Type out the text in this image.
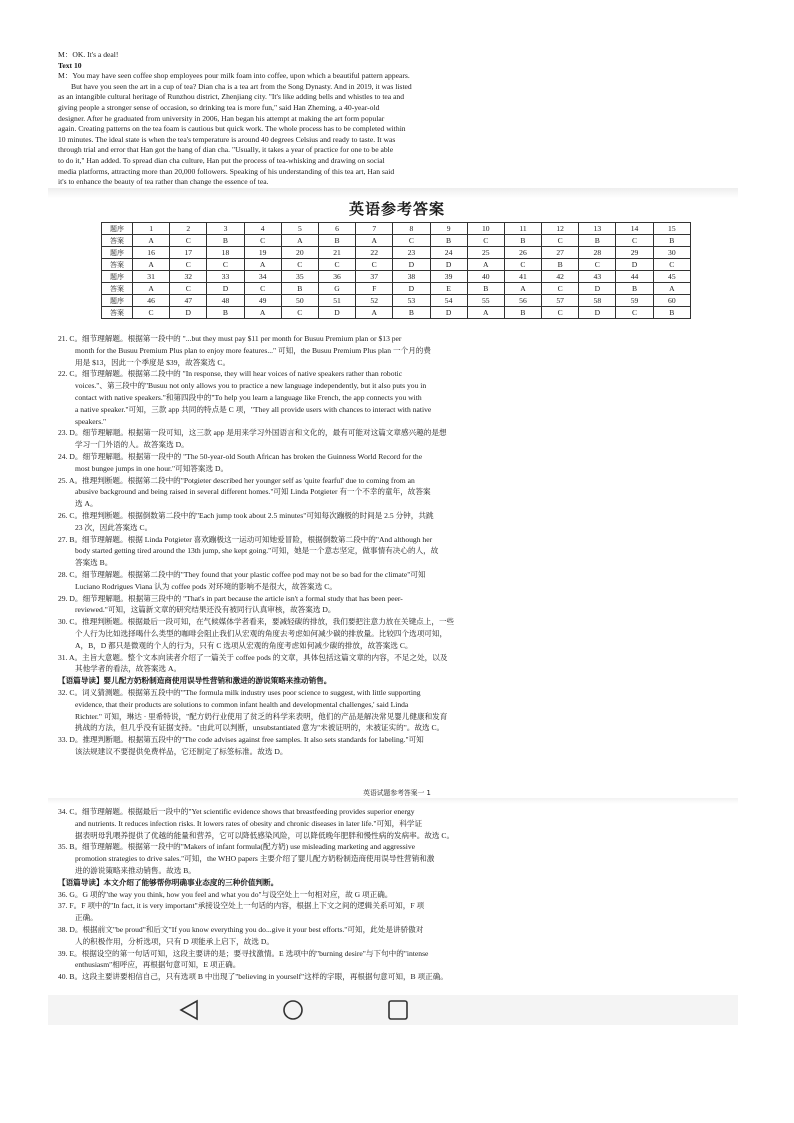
M：OK. It's a deal!
Text 10
M：You may have seen coffee shop employees pour milk foam into coffee, upon which a beautiful pattern appears.
But have you seen the art in a cup of tea? Dian cha is a tea art from the Song Dynasty. And in 2019, it was listed
as an intangible cultural heritage of Runzhou district, Zhenjiang city. "It's like adding bells and whistles to tea and
giving people a stronger sense of occasion, so drinking tea is more fun," said Han Zheming, a 40-year-old
designer. After he graduated from university in 2006, Han began his attempt at making the art form popular
again. Creating patterns on the tea foam is cautious but quick work. The whole process has to be completed within
10 minutes. The ideal state is when the tea's temperature is around 40 degrees Celsius and ready to taste. It was
through trial and error that Han got the hang of dian cha. "Usually, it takes a year of practice for one to be able
to do it," Han added. To spread dian cha culture, Han put the process of tea-whisking and drawing on social
media platforms, attracting more than 20,000 followers. Speaking of his understanding of this tea art, Han said
it's to enhance the beauty of tea rather than change the essence of tea.
英语参考答案
题序	1	2	3	4	5	6	7	8	9	10	11	12	13	14	15
答案	A	C	B	C	A	B	A	C	B	C	B	C	B	C	B
题序	16	17	18	19	20	21	22	23	24	25	26	27	28	29	30
答案	A	C	C	A	C	C	C	D	D	A	C	B	C	D	C
题序	31	32	33	34	35	36	37	38	39	40	41	42	43	44	45
答案	A	C	D	C	B	G	F	D	E	B	A	C	D	B	A
题序	46	47	48	49	50	51	52	53	54	55	56	57	58	59	60
答案	C	D	B	A	C	D	A	B	D	A	B	C	D	C	B
21. C。细节理解题。根据第一段中的 "...but they must pay $11 per month for Busuu Premium plan or $13 per
month for the Busuu Premium Plus plan to enjoy more features..." 可知，the Busuu Premium Plus plan 一个月的费
用是 $13，因此一个季度是 $39，故答案选 C。
22. C。细节理解题。根据第二段中的 "In response, they will hear voices of native speakers rather than robotic
voices."、第三段中的"Busuu not only allows you to practice a new language independently, but it also puts you in
contact with native speakers."和第四段中的"To help you learn a language like French, the app connects you with
a native speaker."可知，三款 app 共同的特点是 C 项，"They all provide users with chances to interact with native
speakers."
23. D。细节理解题。根据第一段可知，这三款 app 是用来学习外国语言和文化的，最有可能对这篇文章感兴趣的是想
学习一门外语的人。故答案选 D。
24. D。细节理解题。根据第一段中的 "The 50-year-old South African has broken the Guinness World Record for the
most bungee jumps in one hour."可知答案选 D。
25. A。推理判断题。根据第二段中的"Potgieter described her younger self as 'quite fearful' due to coming from an
abusive background and being raised in several different homes."可知 Linda Potgieter 有一个不幸的童年，故答案
选 A。
26. C。推理判断题。根据倒数第二段中的"Each jump took about 2.5 minutes"可知每次蹦极的时间是 2.5 分钟，共跳
23 次，因此答案选 C。
27. B。细节理解题。根据 Linda Potgieter 喜欢蹦极这一运动可知她爱冒险，根据倒数第二段中的"And although her
body started getting tired around the 13th jump, she kept going."可知，她是一个意志坚定，做事情有决心的人，故
答案选 B。
28. C。细节理解题。根据第二段中的"They found that your plastic coffee pod may not be so bad for the climate"可知
Luciano Rodrigues Viana 认为 coffee pods 对环境的影响不是很大，故答案选 C。
29. D。细节理解题。根据第三段中的 "That's in part because the article isn't a formal study that has been peer-
reviewed."可知，这篇新文章的研究结果还没有被同行认真审核，故答案选 D。
30. C。推理判断题。根据最后一段可知，在气候媒体学者看来，要减轻碳的排放，我们要把注意力放在关键点上，一些
个人行为比如选择喝什么类型的咖啡会阻止我们从宏观的角度去考虑如何减少碳的排放量。比较四个选项可知，
A，B，D 都只是微观的个人的行为，只有 C 选项从宏观的角度考虑如何减少碳的排放，故答案选 C。
31. A。主旨大意题。整个文本向读者介绍了一篇关于 coffee pods 的文章，具体包括这篇文章的内容，不足之处，以及
其他学者的看法，故答案选 A。
【语篇导读】婴儿配方奶粉制造商使用误导性营销和激进的游说策略来推动销售。
32. C。词义猜测题。根据第五段中的"'The formula milk industry uses poor science to suggest, with little supporting
evidence, that their products are solutions to common infant health and developmental challenges,' said Linda
Richter." 可知，琳达 · 里希特说，"配方奶行业使用了贫乏的科学来表明，他们的产品是解决常见婴儿健康和发育
挑战的方法，但几乎没有证据支持。"由此可以判断，unsubstantiated 意为"未被证明的，未被证实的"。故选 C。
33. D。推理判断题。根据第五段中的"The code advises against free samples. It also sets standards for labeling."可知
该法规建议不要提供免费样品，它还制定了标签标准。故选 D。
英语试题参考答案一 1
34. C。细节理解题。根据最后一段中的"Yet scientific evidence shows that breastfeeding provides superior energy
and nutrients. It reduces infection risks. It lowers rates of obesity and chronic diseases in later life."可知，科学证
据表明母乳喂养提供了优越的能量和营养，它可以降低感染风险，可以降低晚年肥胖和慢性病的发病率。故选 C。
35. B。细节理解题。根据第一段中的"Makers of infant formula(配方奶) use misleading marketing and aggressive
promotion strategies to drive sales."可知，the WHO papers 主要介绍了婴儿配方奶粉制造商使用误导性营销和激
进的游说策略来推动销售。故选 B。
【语篇导读】本文介绍了能够帮你明确事业态度的三种价值判断。
36. G。G 项的"the way you think, how you feel and what you do"与设空处上一句相对应，故 G 项正确。
37. F。F 项中的"In fact, it is very important"承接设空处上一句话的内容，根据上下文之间的逻辑关系可知，F 项
正确。
38. D。根据前文"be proud"和后文"If you know everything you do...give it your best efforts."可知，此处是讲骄傲对
人的积极作用，分析选项，只有 D 项能承上启下，故选 D。
39. E。根据设空的第一句话可知，这段主要讲的是；要寻找激情。E 选项中的"burning desire"与下句中的"intense
enthusiasm"相呼应，再根据句意可知，E 项正确。
40. B。这段主要讲要相信自己，只有选项 B 中出现了"believing in yourself"这样的字眼，再根据句意可知，B 项正确。
